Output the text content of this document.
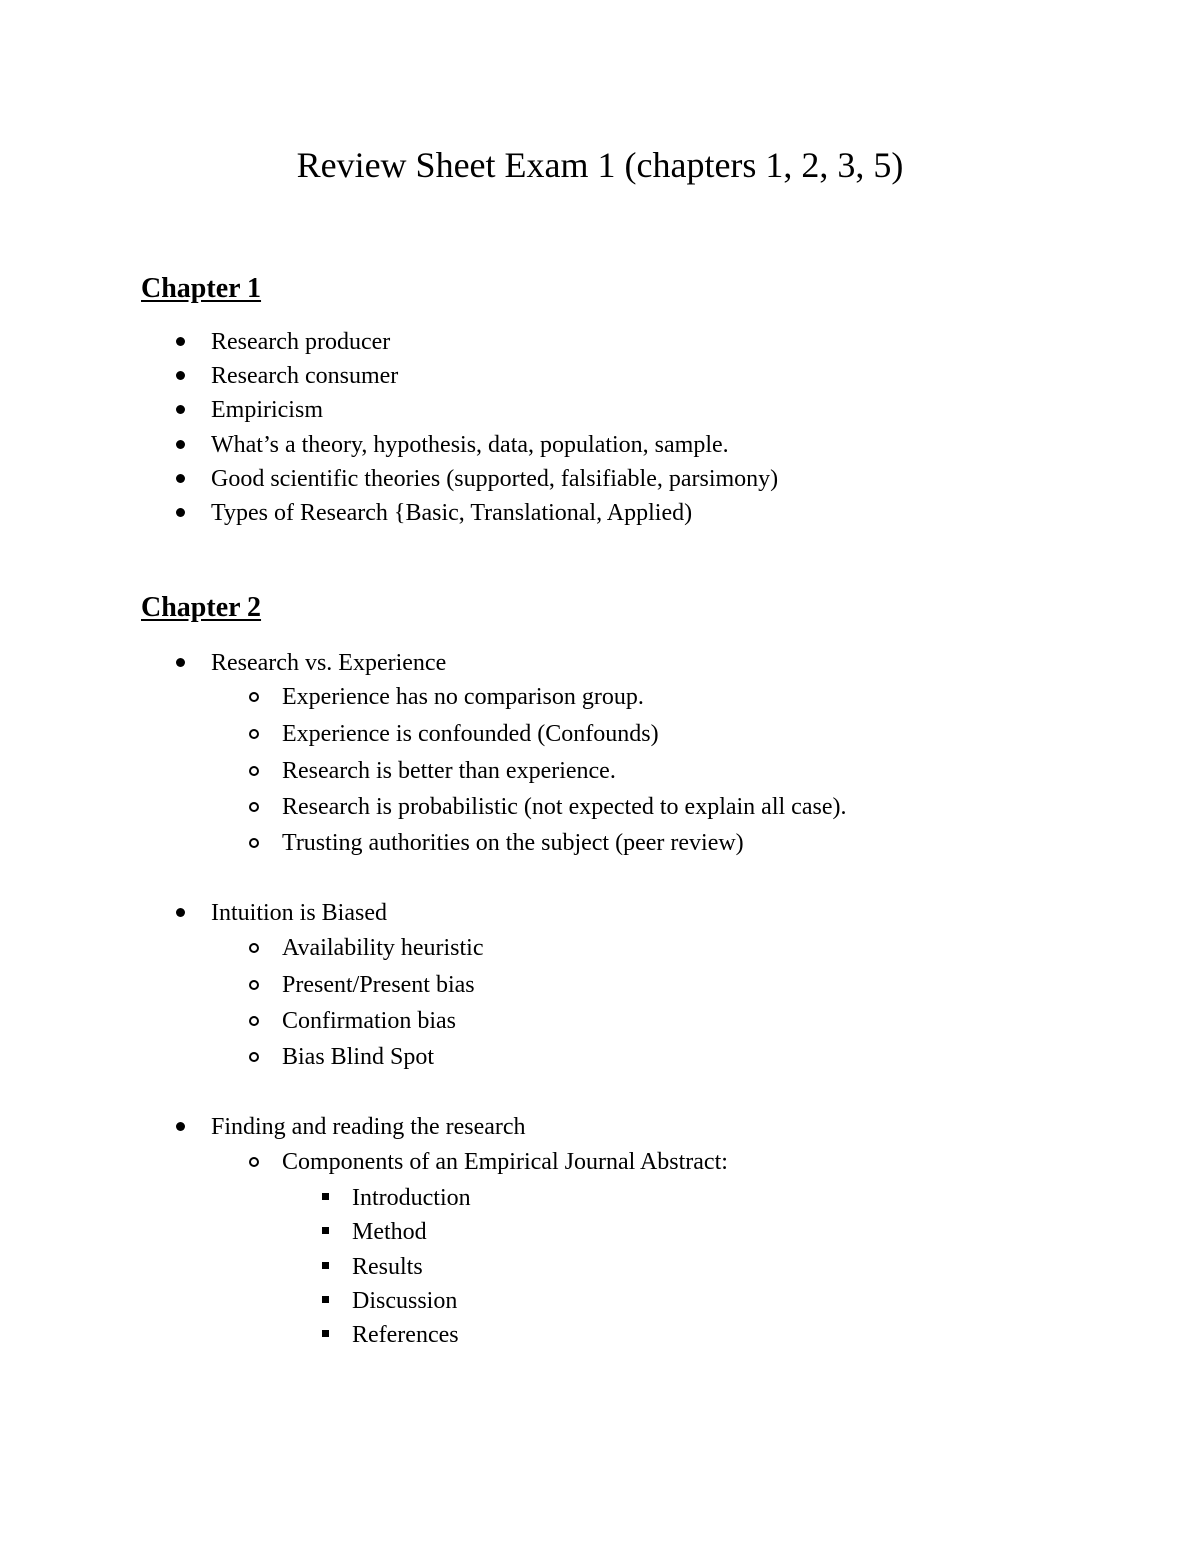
Review Sheet Exam 1 (chapters 1, 2, 3, 5)
Chapter 1
Research producer
Research consumer
Empiricism
What’s a theory, hypothesis, data, population, sample.
Good scientific theories (supported, falsifiable, parsimony)
Types of Research {Basic, Translational, Applied)
Chapter 2
Research vs. Experience
Experience has no comparison group.
Experience is confounded (Confounds)
Research is better than experience.
Research is probabilistic (not expected to explain all case).
Trusting authorities on the subject (peer review)
Intuition is Biased
Availability heuristic
Present/Present bias
Confirmation bias
Bias Blind Spot
Finding and reading the research
Components of an Empirical Journal Abstract:
Introduction
Method
Results
Discussion
References
